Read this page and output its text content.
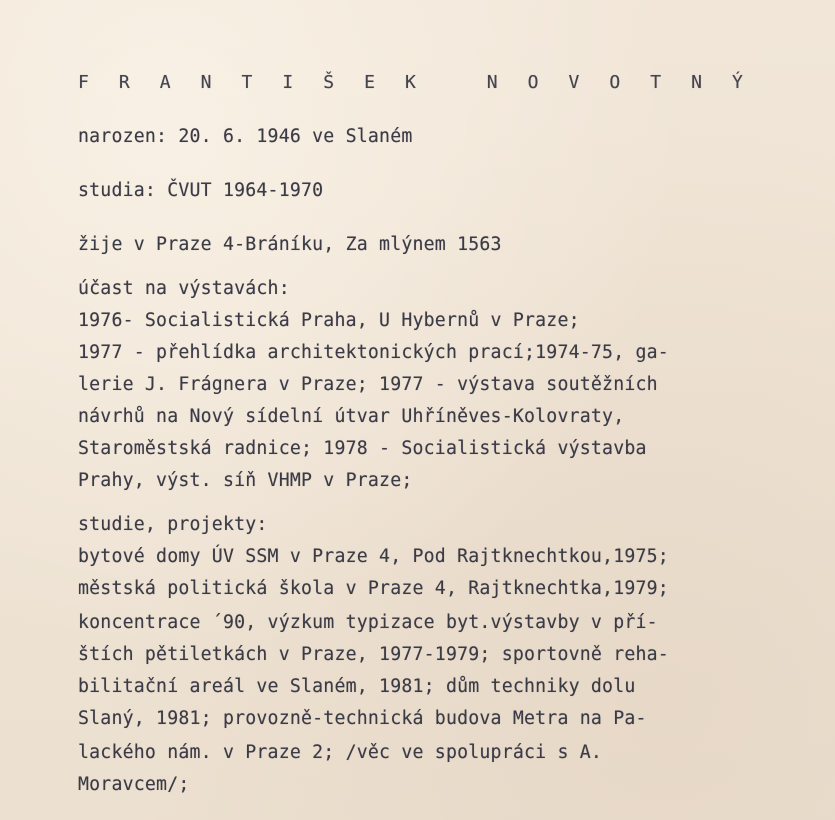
F R A N T I Š E K   N O V O T N Ý
narozen: 20. 6. 1946 ve Slaném
studia: ČVUT 1964-1970
žije v Praze 4-Bráníku, Za mlýnem 1563
účast na výstavách:
1976- Socialistická Praha, U Hybernů v Praze;
1977 - přehlídka architektonických prací;1974-75, ga-
lerie J. Frágnera v Praze; 1977 - výstava soutěžních
návrhů na Nový sídelní útvar Uhříněves-Kolovraty,
Staroměstská radnice; 1978 - Socialistická výstavba
Prahy, výst. síň VHMP v Praze;
studie, projekty:
bytové domy ÚV SSM v Praze 4, Pod Rajtknechtkou,1975;
městská politická škola v Praze 4, Rajtknechtka,1979;
koncentrace ´90, výzkum typizace byt.výstavby v pří-
štích pětiletkách v Praze, 1977-1979; sportovně reha-
bilitační areál ve Slaném, 1981; dům techniky dolu
Slaný, 1981; provozně-technická budova Metra na Pa-
lackého nám. v Praze 2; /věc ve spolupráci s A.
Moravcem/;
